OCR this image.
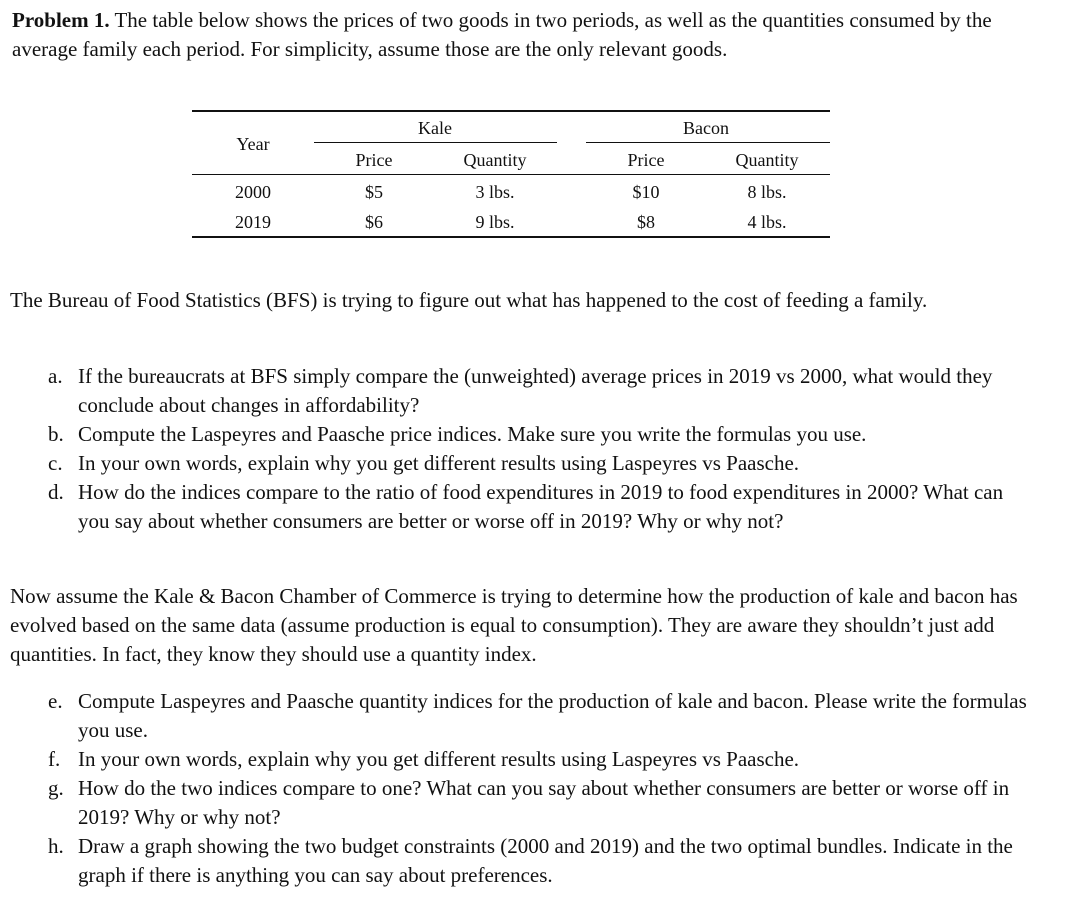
Problem 1. The table below shows the prices of two goods in two periods, as well as the quantities consumed by the average family each period. For simplicity, assume those are the only relevant goods.
Year
Kale	Bacon
Price	Quantity	Price	Quantity
2000	$5	3 lbs.	$10	8 lbs.
2019	$6	9 lbs.	$8	4 lbs.

The Bureau of Food Statistics (BFS) is trying to figure out what has happened to the cost of feeding a family.

a. If the bureaucrats at BFS simply compare the (unweighted) average prices in 2019 vs 2000, what would they conclude about changes in affordability?
b. Compute the Laspeyres and Paasche price indices. Make sure you write the formulas you use.
c. In your own words, explain why you get different results using Laspeyres vs Paasche.
d. How do the indices compare to the ratio of food expenditures in 2019 to food expenditures in 2000? What can you say about whether consumers are better or worse off in 2019? Why or why not?

Now assume the Kale & Bacon Chamber of Commerce is trying to determine how the production of kale and bacon has evolved based on the same data (assume production is equal to consumption). They are aware they shouldn’t just add quantities. In fact, they know they should use a quantity index.

e. Compute Laspeyres and Paasche quantity indices for the production of kale and bacon. Please write the formulas you use.
f. In your own words, explain why you get different results using Laspeyres vs Paasche.
g. How do the two indices compare to one? What can you say about whether consumers are better or worse off in 2019? Why or why not?
h. Draw a graph showing the two budget constraints (2000 and 2019) and the two optimal bundles. Indicate in the graph if there is anything you can say about preferences.
